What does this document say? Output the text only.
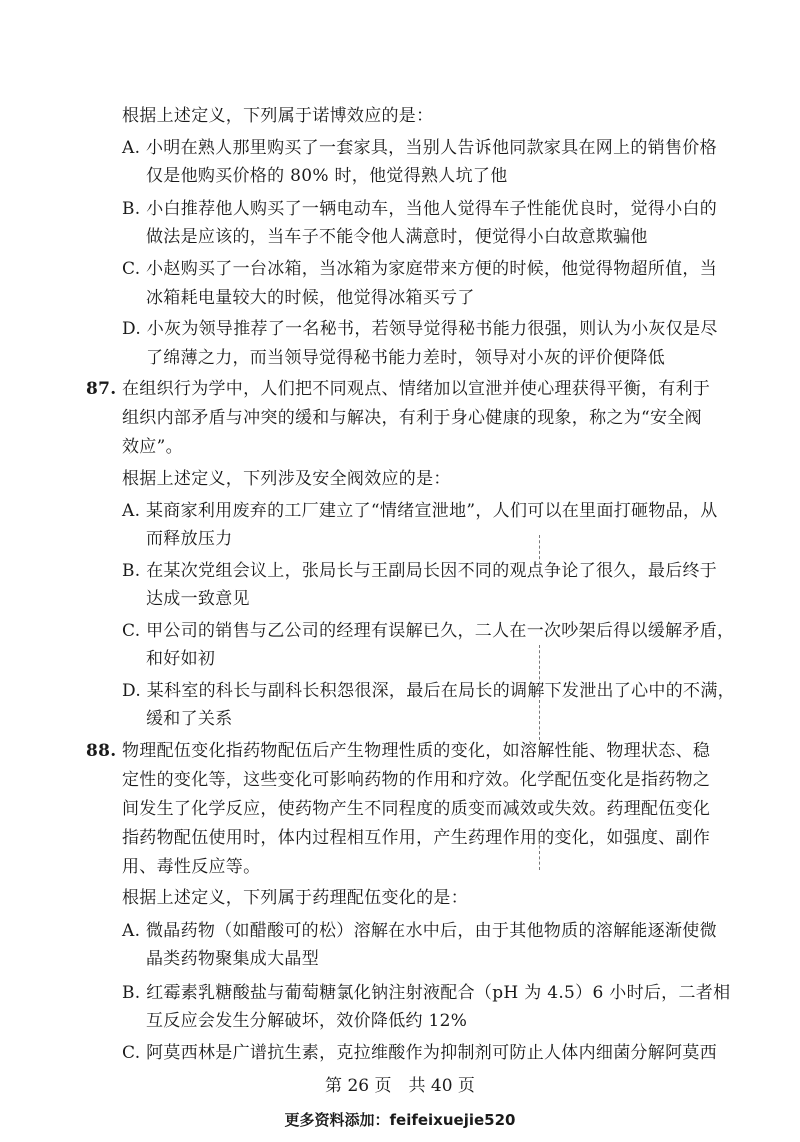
根据上述定义，下列属于诺博效应的是：
A. 小明在熟人那里购买了一套家具，当别人告诉他同款家具在网上的销售价格
仅是他购买价格的 80% 时，他觉得熟人坑了他
B. 小白推荐他人购买了一辆电动车，当他人觉得车子性能优良时，觉得小白的
做法是应该的，当车子不能令他人满意时，便觉得小白故意欺骗他
C. 小赵购买了一台冰箱，当冰箱为家庭带来方便的时候，他觉得物超所值，当
冰箱耗电量较大的时候，他觉得冰箱买亏了
D. 小灰为领导推荐了一名秘书，若领导觉得秘书能力很强，则认为小灰仅是尽
了绵薄之力，而当领导觉得秘书能力差时，领导对小灰的评价便降低
87. 在组织行为学中，人们把不同观点、情绪加以宣泄并使心理获得平衡，有利于
组织内部矛盾与冲突的缓和与解决，有利于身心健康的现象，称之为“安全阀
效应”。
根据上述定义，下列涉及安全阀效应的是：
A. 某商家利用废弃的工厂建立了“情绪宣泄地”，人们可以在里面打砸物品，从
而释放压力
B. 在某次党组会议上，张局长与王副局长因不同的观点争论了很久，最后终于
达成一致意见
C. 甲公司的销售与乙公司的经理有误解已久，二人在一次吵架后得以缓解矛盾，
和好如初
D. 某科室的科长与副科长积怨很深，最后在局长的调解下发泄出了心中的不满，
缓和了关系
88. 物理配伍变化指药物配伍后产生物理性质的变化，如溶解性能、物理状态、稳
定性的变化等，这些变化可影响药物的作用和疗效。化学配伍变化是指药物之
间发生了化学反应，使药物产生不同程度的质变而减效或失效。药理配伍变化
指药物配伍使用时，体内过程相互作用，产生药理作用的变化，如强度、副作
用、毒性反应等。
根据上述定义，下列属于药理配伍变化的是：
A. 微晶药物（如醋酸可的松）溶解在水中后，由于其他物质的溶解能逐渐使微
晶类药物聚集成大晶型
B. 红霉素乳糖酸盐与葡萄糖氯化钠注射液配合（pH 为 4.5）6 小时后，二者相
互反应会发生分解破坏，效价降低约 12%
C. 阿莫西林是广谱抗生素，克拉维酸作为抑制剂可防止人体内细菌分解阿莫西
第 26 页　共 40 页
更多资料添加：feifeixuejie520
